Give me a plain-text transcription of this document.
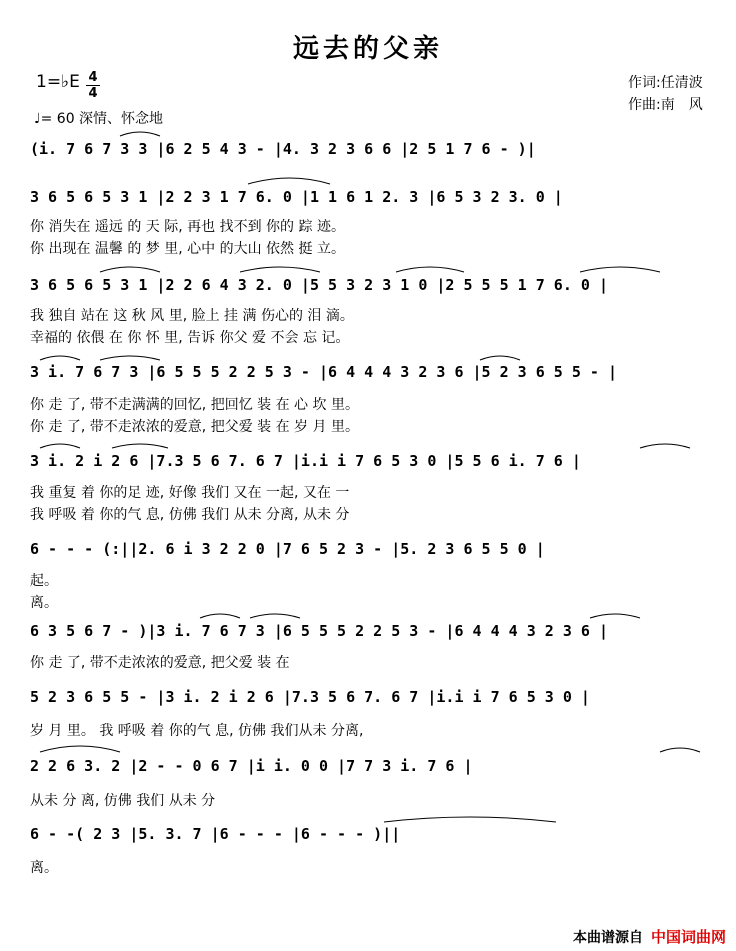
远去的父亲
1=♭E 4
4
♩= 60 深情、怀念地
作词:任清波
作曲:南　风
(i. 7 6 7 3 3 |6 2 5 4 3 - |4. 3 2 3 6 6 |2 5 1 7 6 - )|
3 6 5 6 5 3 1 |2 2 3 1 7 6. 0 |1 1 6 1 2. 3 |6 5 3 2 3. 0 |
你 消失在 遥远 的 天 际, 再也 找不到 你的 踪 迹。
你 出现在 温馨 的 梦 里, 心中 的大山 依然 挺 立。
3 6 5 6 5 3 1 |2 2 6 4 3 2. 0 |5 5 3 2 3 1 0 |2 5 5 5 1 7 6. 0 |
我 独自 站在 这 秋 风 里, 脸上 挂 满 伤心的 泪 滴。
幸福的 依偎 在 你 怀 里, 告诉 你父 爱 不会 忘 记。
3 i. 7 6 7 3 |6 5 5 5 2 2 5 3 - |6 4 4 4 3 2 3 6 |5 2 3 6 5 5 - |
你 走 了, 带不走满满的回忆, 把回忆 装 在 心 坎 里。
你 走 了, 带不走浓浓的爱意, 把父爱 装 在 岁 月 里。
3 i. 2 i 2 6 |7.3 5 6 7. 6 7 |i.i i 7 6 5 3 0 |5 5 6 i. 7 6 |
我 重复 着 你的足 迹, 好像 我们 又在 一起, 又在 一
我 呼吸 着 你的气 息, 仿佛 我们 从未 分离, 从未 分
6 - - - (:||2. 6 i 3 2 2 0 |7 6 5 2 3 - |5. 2 3 6 5 5 0 |
起。
离。
6 3 5 6 7 - )|3 i. 7 6 7 3 |6 5 5 5 2 2 5 3 - |6 4 4 4 3 2 3 6 |
你 走 了, 带不走浓浓的爱意, 把父爱 装 在
5 2 3 6 5 5 - |3 i. 2 i 2 6 |7.3 5 6 7. 6 7 |i.i i 7 6 5 3 0 |
岁 月 里。 我 呼吸 着 你的气 息, 仿佛 我们从未 分离,
2 2 6 3. 2 |2 - - 0 6 7 |i i. 0 0 |7 7 3 i. 7 6 |
从未 分 离, 仿佛 我们 从未 分
6 - -( 2 3 |5. 3. 7 |6 - - - |6 - - - )||
离。
本曲谱源自 中国词曲网
